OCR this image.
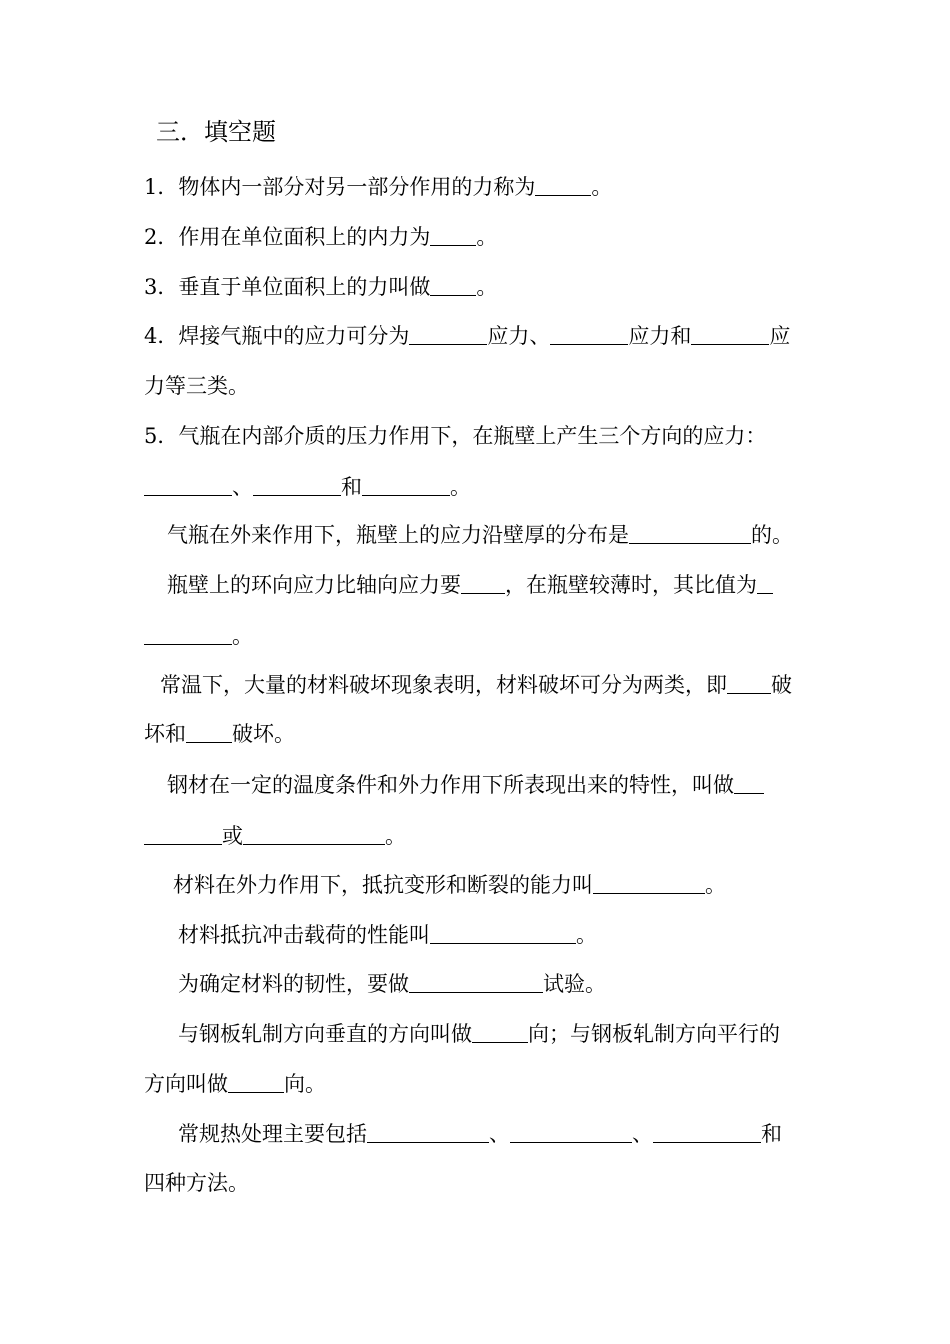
三．填空题
1．物体内一部分对另一部分作用的力称为	。
2．作用在单位面积上的内力为 。
3．垂直于单位面积上的力叫做 。
4．焊接气瓶中的应力可分为	应力、	应力和	应
力等三类。
5．气瓶在内部介质的压力作用下，在瓶壁上产生三个方向的应力：
、	和	。
气瓶在外来作用下，瓶壁上的应力沿壁厚的分布是	的。
瓶壁上的环向应力比轴向应力要 ，在瓶壁较薄时，其比值为
。
常温下，大量的材料破坏现象表明，材料破坏可分为两类，即 破
坏和 破坏。
钢材在一定的温度条件和外力作用下所表现出来的特性，叫做
或	。
材料在外力作用下，抵抗变形和断裂的能力叫	。
材料抵抗冲击载荷的性能叫	。
为确定材料的韧性，要做	试验。
与钢板轧制方向垂直的方向叫做	向；与钢板轧制方向平行的
方向叫做	向。
常规热处理主要包括	、	、	和
四种方法。
